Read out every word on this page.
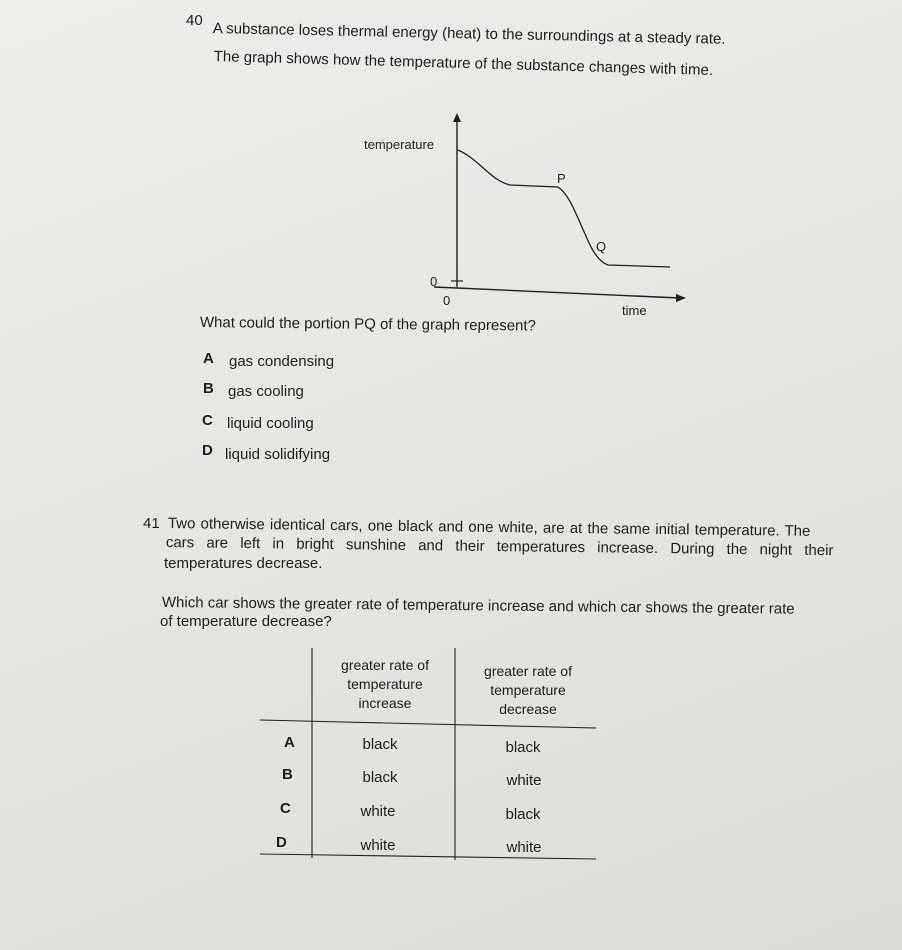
40 A substance loses thermal energy (heat) to the surroundings at a steady rate.
The graph shows how the temperature of the substance changes with time.
temperature
time
0
0
P
Q
What could the portion PQ of the graph represent?
A gas condensing
B gas cooling
C liquid cooling
D liquid solidifying
41 Two otherwise identical cars, one black and one white, are at the same initial temperature. The
cars are left in bright sunshine and their temperatures increase. During the night their
temperatures decrease.
Which car shows the greater rate of temperature increase and which car shows the greater rate
of temperature decrease?
greater rate of
temperature
increase
greater rate of
temperature
decrease
A	black	black
B	black	white
C	white	black
D	white	white
